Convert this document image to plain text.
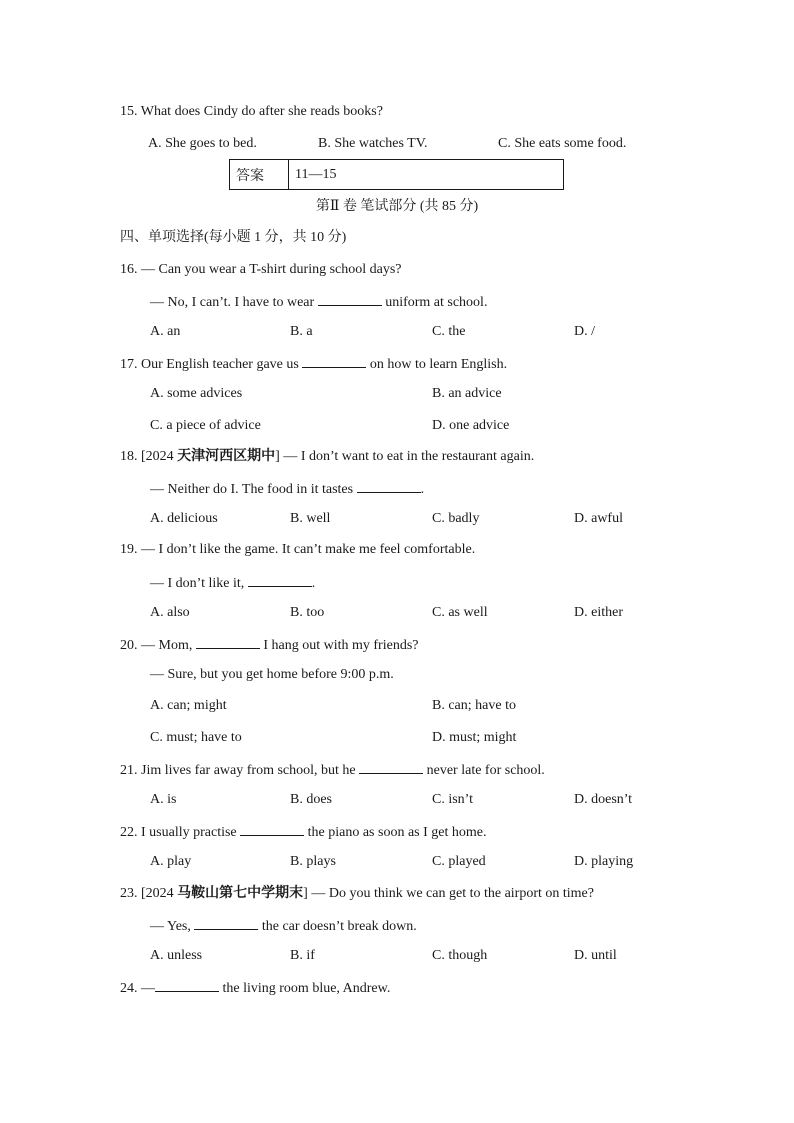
15. What does Cindy do after she reads books?
A. She goes to bed.	B. She watches TV.	C. She eats some food.
答案	11—15
第Ⅱ 卷 笔试部分 (共 85 分)
四、单项选择(每小题 1 分，共 10 分)
16. — Can you wear a T-shirt during school days?
— No, I can’t. I have to wear	uniform at school.
A. an	B. a	C. the	D. /
17. Our English teacher gave us	on how to learn English.
A. some advices	B. an advice
C. a piece of advice	D. one advice
18. [2024 天津河西区期中] — I don’t want to eat in the restaurant again.
— Neither do I. The food in it tastes	.
A. delicious	B. well	C. badly	D. awful
19. — I don’t like the game. It can’t make me feel comfortable.
— I don’t like it,	.
A. also	B. too	C. as well	D. either
20. — Mom,	I hang out with my friends?
— Sure, but you get home before 9:00 p.m.
A. can; might	B. can; have to
C. must; have to	D. must; might
21. Jim lives far away from school, but he	never late for school.
A. is	B. does	C. isn’t	D. doesn’t
22. I usually practise	the piano as soon as I get home.
A. play	B. plays	C. played	D. playing
23. [2024 马鞍山第七中学期末] — Do you think we can get to the airport on time?
— Yes,	the car doesn’t break down.
A. unless	B. if	C. though	D. until
24. —	the living room blue, Andrew.
